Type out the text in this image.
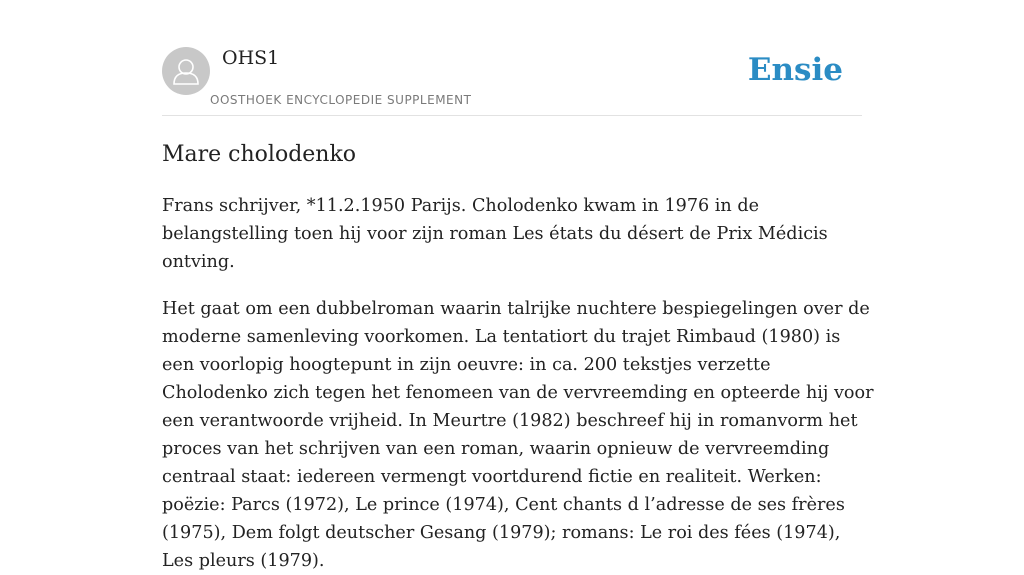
OHS1
OOSTHOEK ENCYCLOPEDIE SUPPLEMENT
Ensie
Mare cholodenko

Frans schrijver, *11.2.1950 Parijs. Cholodenko kwam in 1976 in de belangstelling toen hij voor zijn roman Les états du désert de Prix Médicis ontving.

Het gaat om een dubbelroman waarin talrijke nuchtere bespiegelingen over de moderne samenleving voorkomen. La tentatiort du trajet Rimbaud (1980) is een voorlopig hoogtepunt in zijn oeuvre: in ca. 200 tekstjes verzette Cholodenko zich tegen het fenomeen van de vervreemding en opteerde hij voor een verantwoorde vrijheid. In Meurtre (1982) beschreef hij in romanvorm het proces van het schrijven van een roman, waarin opnieuw de vervreemding centraal staat: iedereen vermengt voortdurend fictie en realiteit. Werken: poëzie: Parcs (1972), Le prince (1974), Cent chants d l’adresse de ses frères (1975), Dem folgt deutscher Gesang (1979); romans: Le roi des fées (1974), Les pleurs (1979).
